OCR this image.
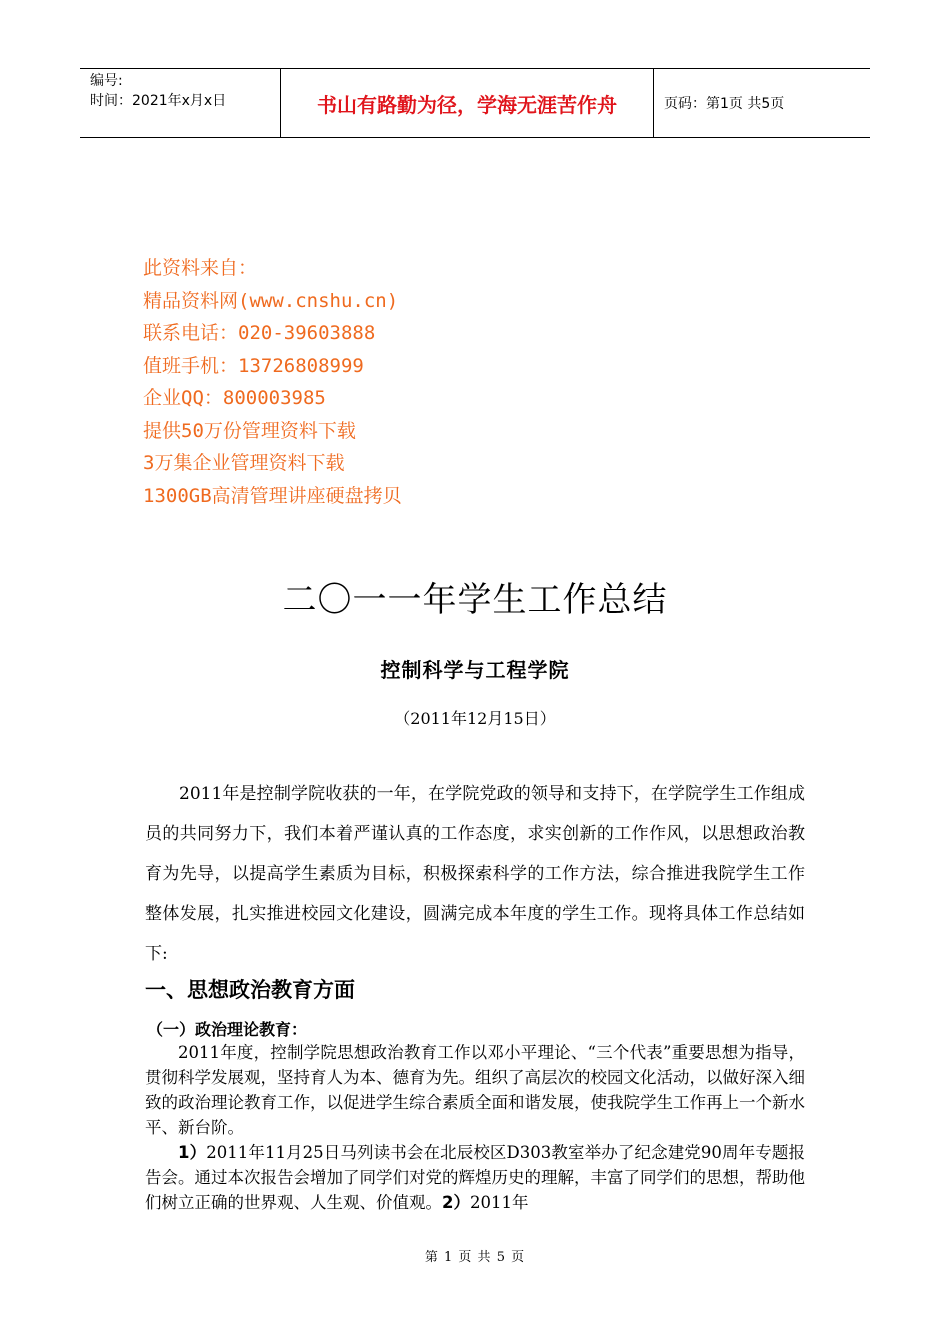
编号:
时间：2021年x月x日	书山有路勤为径，学海无涯苦作舟	页码：第1页 共5页
此资料来自：
精品资料网(www.cnshu.cn)
联系电话：020-39603888
值班手机：13726808999
企业QQ：800003985
提供50万份管理资料下载
3万集企业管理资料下载
1300GB高清管理讲座硬盘拷贝
二〇一一年学生工作总结
控制科学与工程学院
（2011年12月15日）
2011年是控制学院收获的一年，在学院党政的领导和支持下，在学院学生工作组成员的共同努力下，我们本着严谨认真的工作态度，求实创新的工作作风，以思想政治教育为先导，以提高学生素质为目标，积极探索科学的工作方法，综合推进我院学生工作整体发展，扎实推进校园文化建设，圆满完成本年度的学生工作。现将具体工作总结如下:
一、思想政治教育方面
（一）政治理论教育：
2011年度，控制学院思想政治教育工作以邓小平理论、“三个代表”重要思想为指导，贯彻科学发展观，坚持育人为本、德育为先。组织了高层次的校园文化活动，以做好深入细致的政治理论教育工作，以促进学生综合素质全面和谐发展，使我院学生工作再上一个新水平、新台阶。
1）2011年11月25日马列读书会在北辰校区D303教室举办了纪念建党90周年专题报告会。通过本次报告会增加了同学们对党的辉煌历史的理解，丰富了同学们的思想，帮助他们树立正确的世界观、人生观、价值观。2）2011年
第 1 页 共 5 页
